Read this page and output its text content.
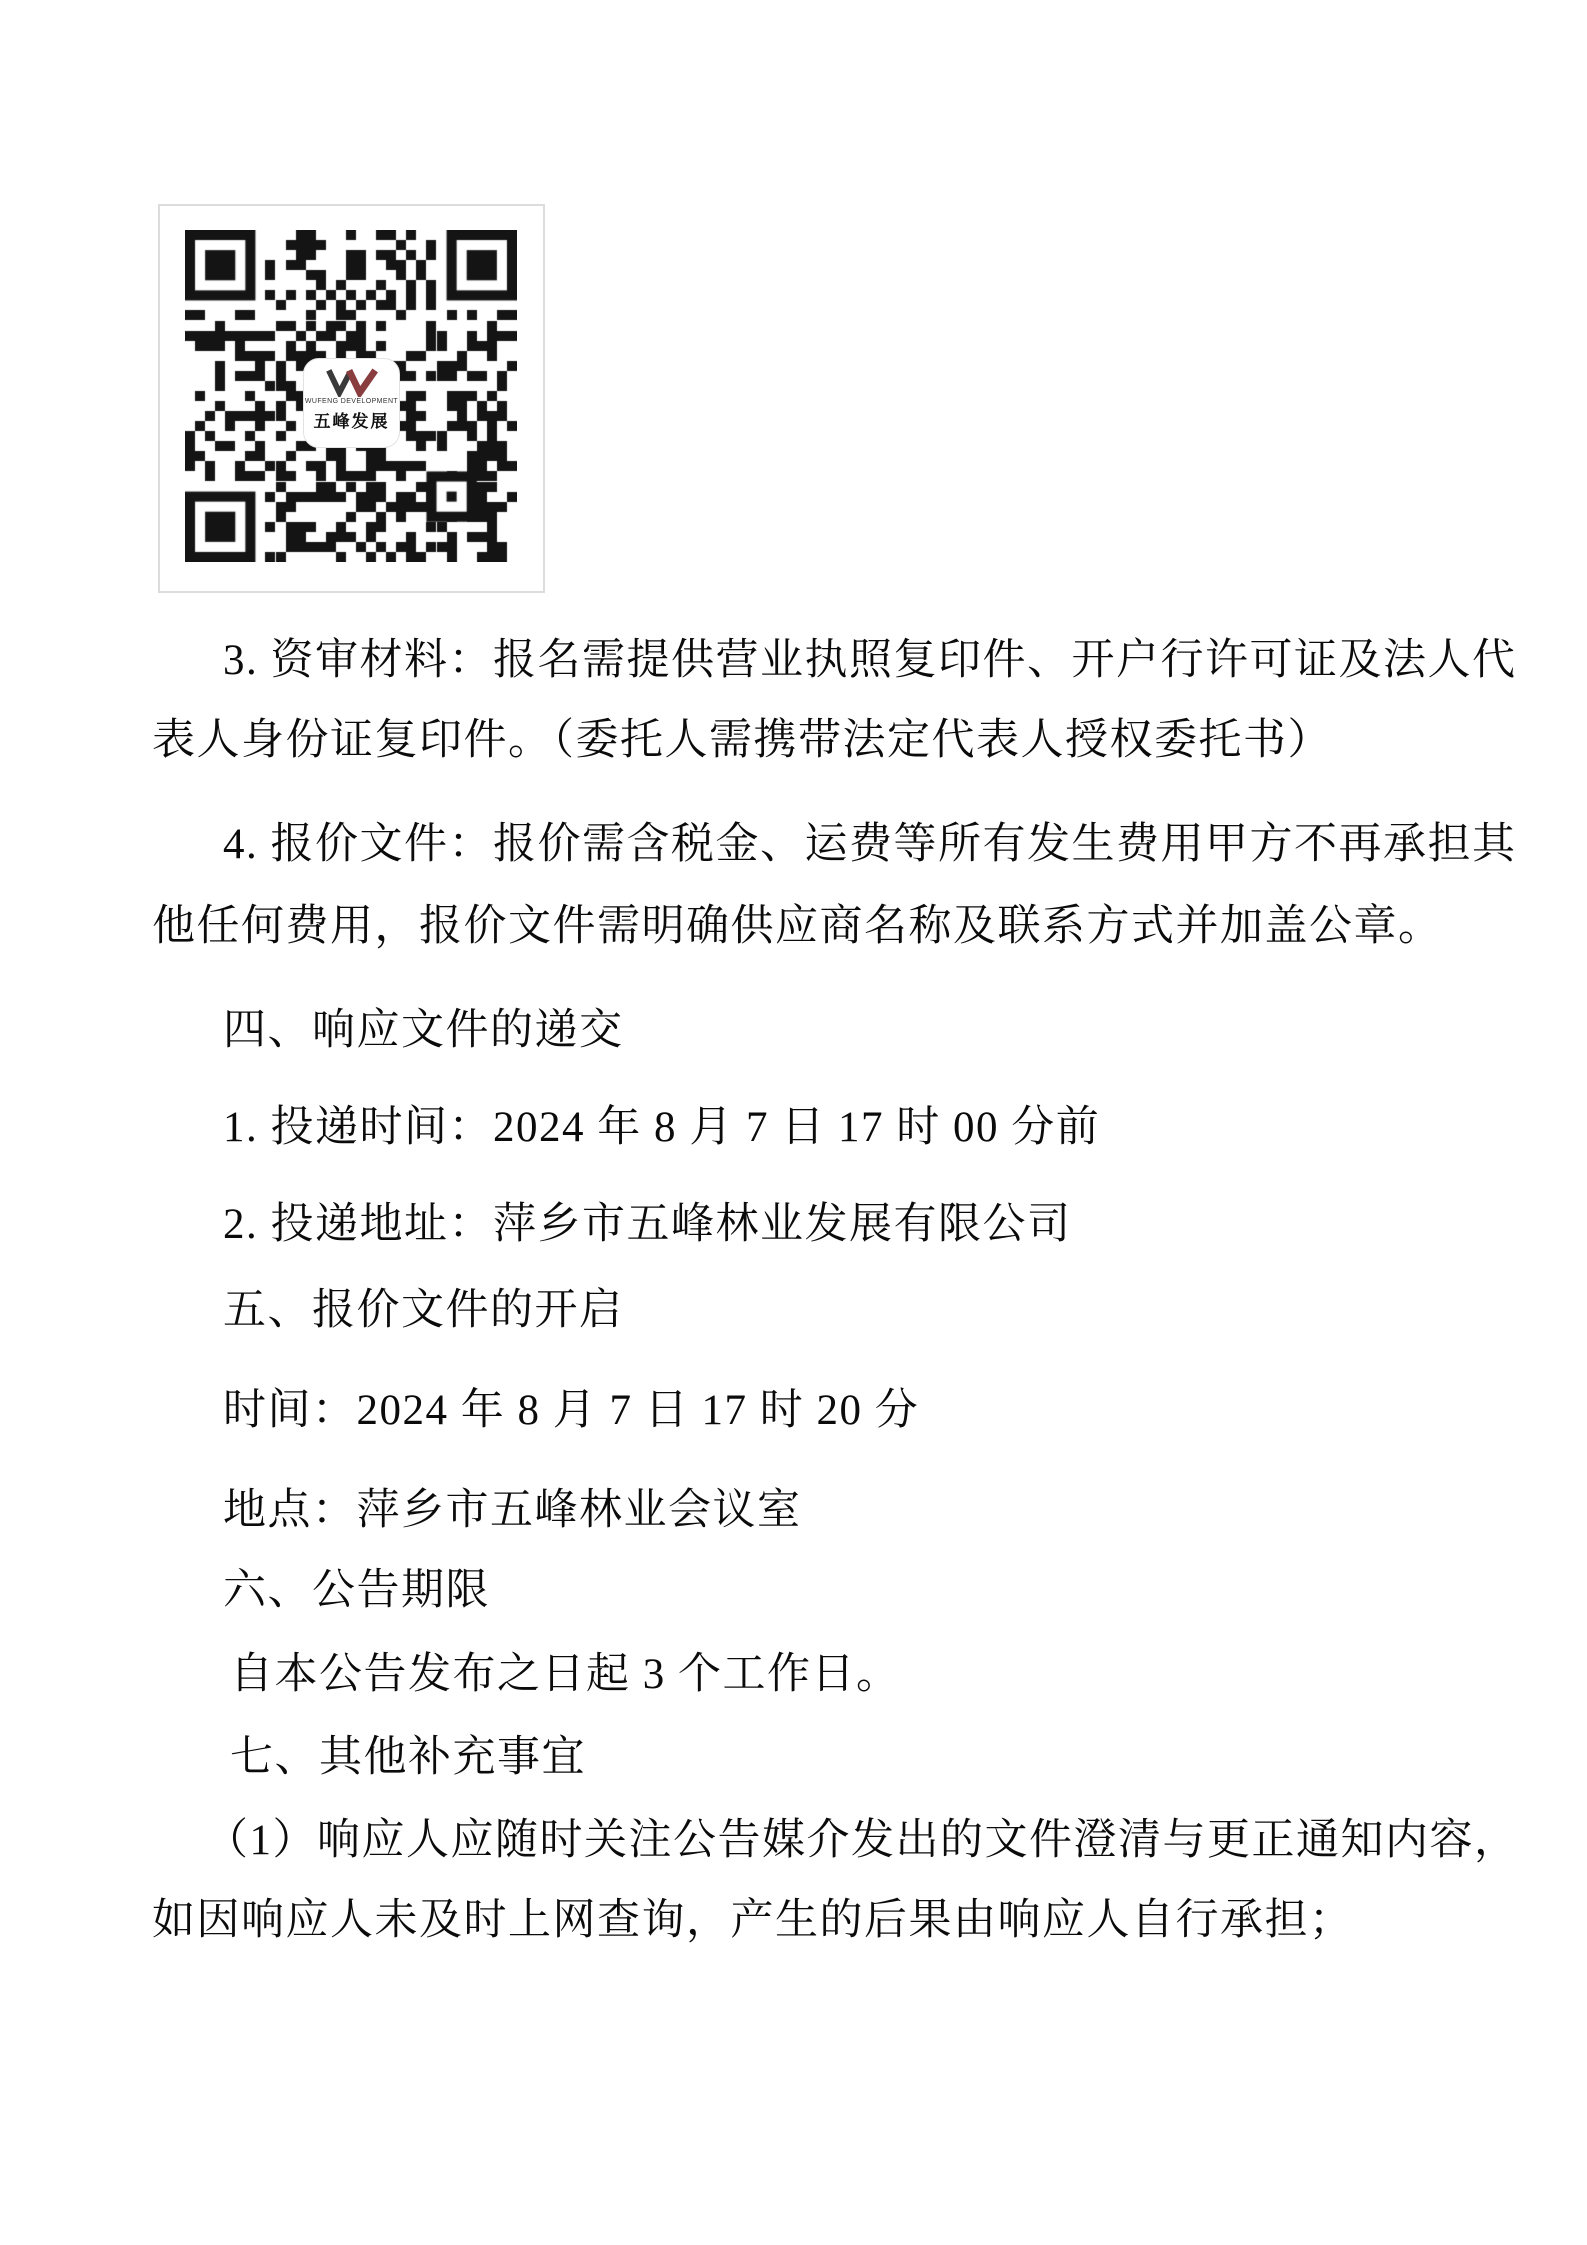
WUFENG DEVELOPMENT
五峰发展
3. 资审材料：报名需提供营业执照复印件、开户行许可证及法人代
表人身份证复印件。（委托人需携带法定代表人授权委托书）
4. 报价文件：报价需含税金、运费等所有发生费用甲方不再承担其
他任何费用，报价文件需明确供应商名称及联系方式并加盖公章。
四、响应文件的递交
1. 投递时间：2024 年 8 月 7 日 17 时 00 分前
2. 投递地址：萍乡市五峰林业发展有限公司
五、报价文件的开启
时间：2024 年 8 月 7 日 17 时 20 分
地点：萍乡市五峰林业会议室
六、公告期限
自本公告发布之日起 3 个工作日。
七、其他补充事宜
（1）响应人应随时关注公告媒介发出的文件澄清与更正通知内容，
如因响应人未及时上网查询，产生的后果由响应人自行承担；
